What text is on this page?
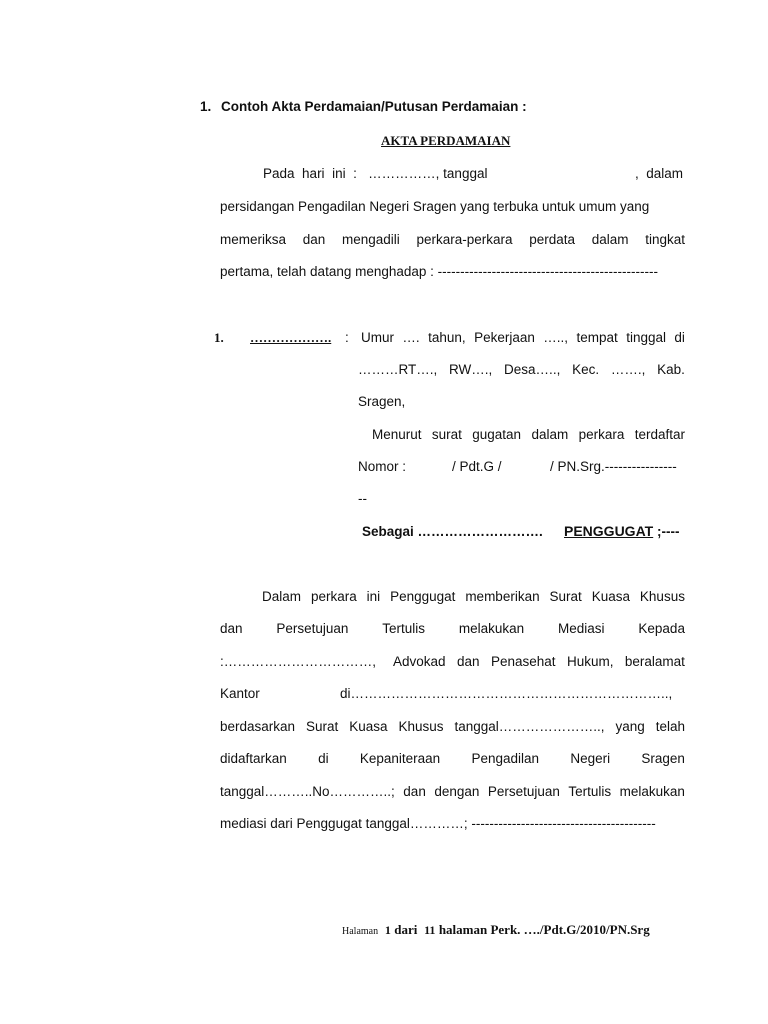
1. Contoh Akta Perdamaian/Putusan Perdamaian :
AKTA PERDAMAIAN
Pada hari ini : ……………, tanggal	, dalam
persidangan Pengadilan Negeri Sragen yang terbuka untuk umum yang
memeriksa dan mengadili perkara-perkara perdata dalam tingkat
pertama, telah datang menghadap : -------------------------------------------------
1. ………………. : Umur …. tahun, Pekerjaan ….., tempat tinggal di
………RT…., RW…., Desa….., Kec. ……., Kab.
Sragen,
Menurut surat gugatan dalam perkara terdaftar
Nomor :	/ Pdt.G /	/ PN.Srg.----------------
--
Sebagai ………………………. PENGGUGAT ;----
Dalam perkara ini Penggugat memberikan Surat Kuasa Khusus
dan	Persetujuan	Tertulis	melakukan	Mediasi	Kepada
:……………………………, Advokad dan Penasehat Hukum, beralamat
Kantor	di……………………………………………………………..,
berdasarkan Surat Kuasa Khusus tanggal………………….., yang telah
didaftarkan di Kepaniteraan Pengadilan Negeri Sragen
tanggal………..No…………..; dan dengan Persetujuan Tertulis melakukan
mediasi dari Penggugat tanggal…………; -----------------------------------------
Halaman 1 dari 11 halaman Perk. …./Pdt.G/2010/PN.Srg
